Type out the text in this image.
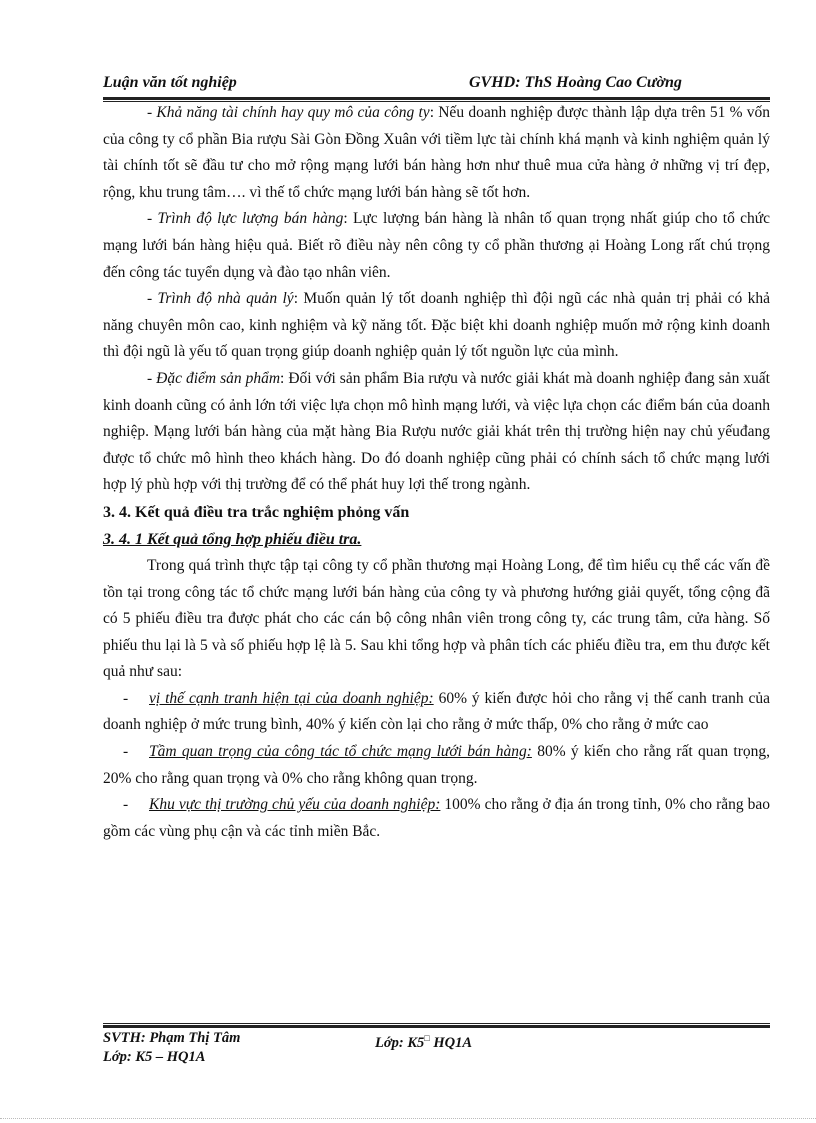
Luận văn tốt nghiệp	GVHD: ThS Hoàng Cao Cường

- Khả năng tài chính hay quy mô của công ty: Nếu doanh nghiệp được thành lập dựa trên 51 % vốn của công ty cổ phần Bia rượu Sài Gòn Đồng Xuân với tiềm lực tài chính khá mạnh và kinh nghiệm quản lý tài chính tốt sẽ đầu tư cho mở rộng mạng lưới bán hàng hơn như thuê mua cửa hàng ở những vị trí đẹp, rộng, khu trung tâm…. vì thế tổ chức mạng lưới bán hàng sẽ tốt hơn.

- Trình độ lực lượng bán hàng: Lực lượng bán hàng là nhân tố quan trọng nhất giúp cho tổ chức mạng lưới bán hàng hiệu quả. Biết rõ điều này nên công ty cổ phần thương ại Hoàng Long rất chú trọng đến công tác tuyển dụng và đào tạo nhân viên.

- Trình độ nhà quản lý: Muốn quản lý tốt doanh nghiệp thì đội ngũ các nhà quản trị phải có khả năng chuyên môn cao, kinh nghiệm và kỹ năng tốt. Đặc biệt khi doanh nghiệp muốn mở rộng kinh doanh thì đội ngũ là yếu tố quan trọng giúp doanh nghiệp quản lý tốt nguồn lực của mình.

- Đặc điểm sản phẩm: Đối với sản phẩm Bia rượu và nước giải khát mà doanh nghiệp đang sản xuất kinh doanh cũng có ảnh lớn tới việc lựa chọn mô hình mạng lưới, và việc lựa chọn các điểm bán của doanh nghiệp. Mạng lưới bán hàng của mặt hàng Bia Rượu nước giải khát trên thị trường hiện nay chủ yếuđang được tổ chức mô hình theo khách hàng. Do đó doanh nghiệp cũng phải có chính sách tổ chức mạng lưới hợp lý phù hợp với thị trường để có thể phát huy lợi thế trong ngành.

3. 4. Kết quả điều tra trắc nghiệm phỏng vấn

3. 4. 1 Kết quả tổng hợp phiếu điều tra.

Trong quá trình thực tập tại công ty cổ phần thương mại Hoàng Long, để tìm hiểu cụ thể các vấn đề tồn tại trong công tác tổ chức mạng lưới bán hàng của công ty và phương hướng giải quyết, tổng cộng đã có 5 phiếu điều tra được phát cho các cán bộ công nhân viên trong công ty, các trung tâm, cửa hàng. Số phiếu thu lại là 5 và số phiếu hợp lệ là 5. Sau khi tổng hợp và phân tích các phiếu điều tra, em thu được kết quả như sau:

- vị thế cạnh tranh hiện tại của doanh nghiệp: 60% ý kiến được hỏi cho rằng vị thế canh tranh của doanh nghiệp ở mức trung bình, 40% ý kiến còn lại cho rằng ở mức thấp, 0% cho rằng ở mức cao

- Tầm quan trọng của công tác tổ chức mạng lưới bán hàng: 80% ý kiến cho rằng rất quan trọng, 20% cho rằng quan trọng và 0% cho rằng không quan trọng.

- Khu vực thị trường chủ yếu của doanh nghiệp: 100% cho rằng ở địa án trong tỉnh, 0% cho rằng bao gồm các vùng phụ cận và các tỉnh miền Bắc.

SVTH: Phạm Thị Tâm	Lớp: K5□ HQ1A
Lớp: K5 – HQ1A
